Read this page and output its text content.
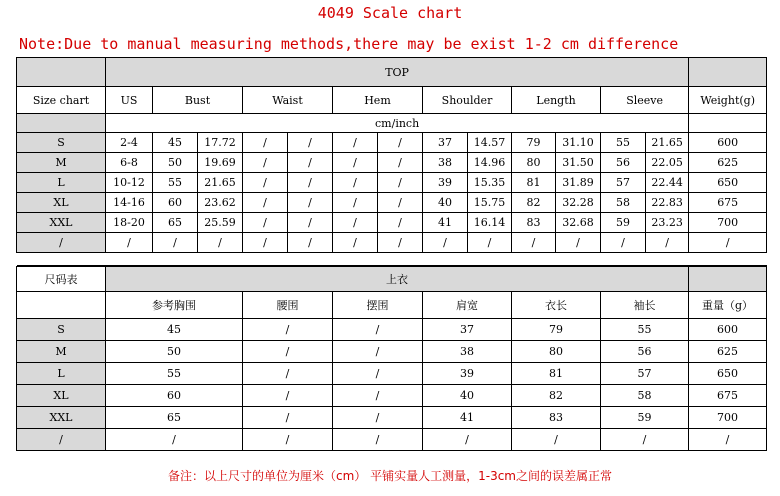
4049 Scale chart
Note:Due to manual measuring methods,there may be exist 1-2 cm difference
	TOP													
Size chart	US	Bust		Waist		Hem		Shoulder		Length		Sleeve		Weight(g)
	cm/inch													
S	2-4	45	17.72	/	/	/	/	37	14.57	79	31.10	55	21.65	600
M	6-8	50	19.69	/	/	/	/	38	14.96	80	31.50	56	22.05	625
L	10-12	55	21.65	/	/	/	/	39	15.35	81	31.89	57	22.44	650
XL	14-16	60	23.62	/	/	/	/	40	15.75	82	32.28	58	22.83	675
XXL	18-20	65	25.59	/	/	/	/	41	16.14	83	32.68	59	23.23	700
/	/	/	/	/	/	/	/	/	/	/	/	/	/	/

尺码表	上衣						
	参考胸围	腰围	摆围	肩宽	衣长	袖长	重量（g）
S	45	/	/	37	79	55	600
M	50	/	/	38	80	56	625
L	55	/	/	39	81	57	650
XL	60	/	/	40	82	58	675
XXL	65	/	/	41	83	59	700
/	/	/	/	/	/	/	/
备注：以上尺寸的单位为厘米（cm） 平铺实量人工测量，1-3cm之间的误差属正常
